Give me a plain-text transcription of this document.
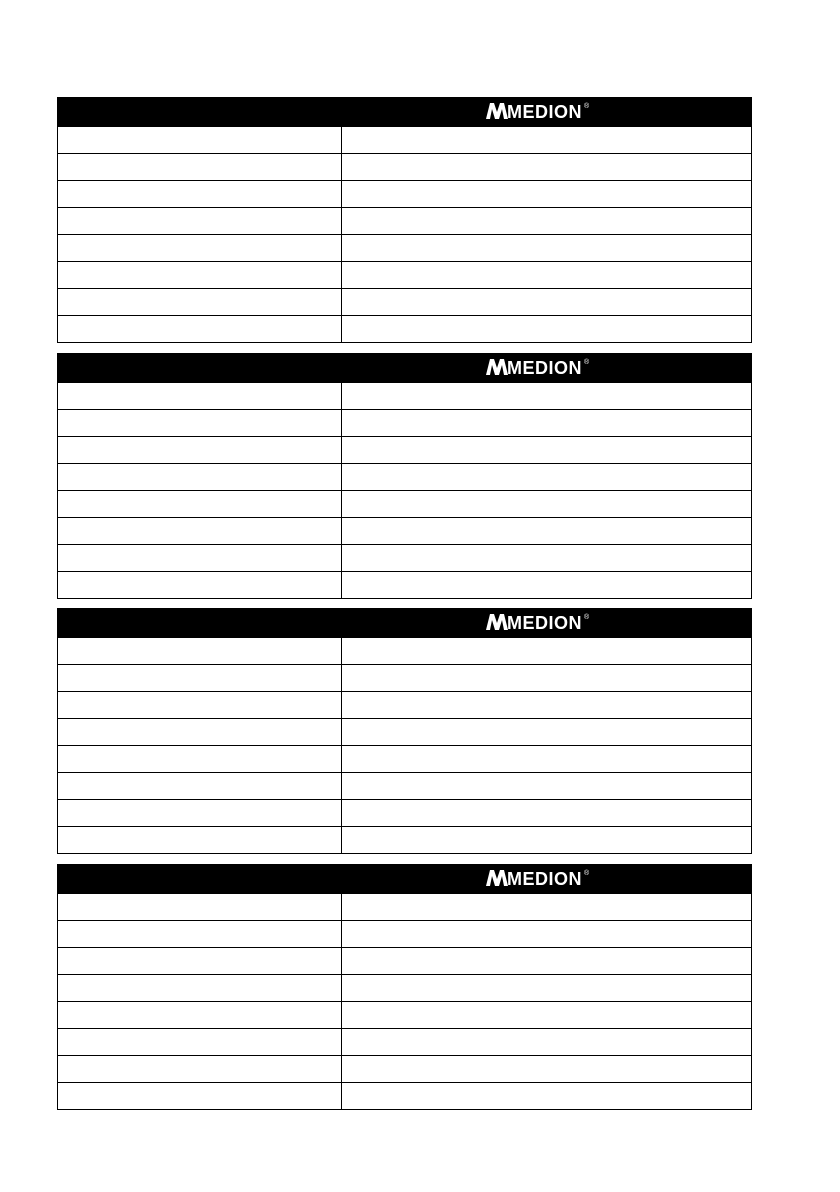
MEDION ®
MEDION ®
MEDION ®
MEDION ®
